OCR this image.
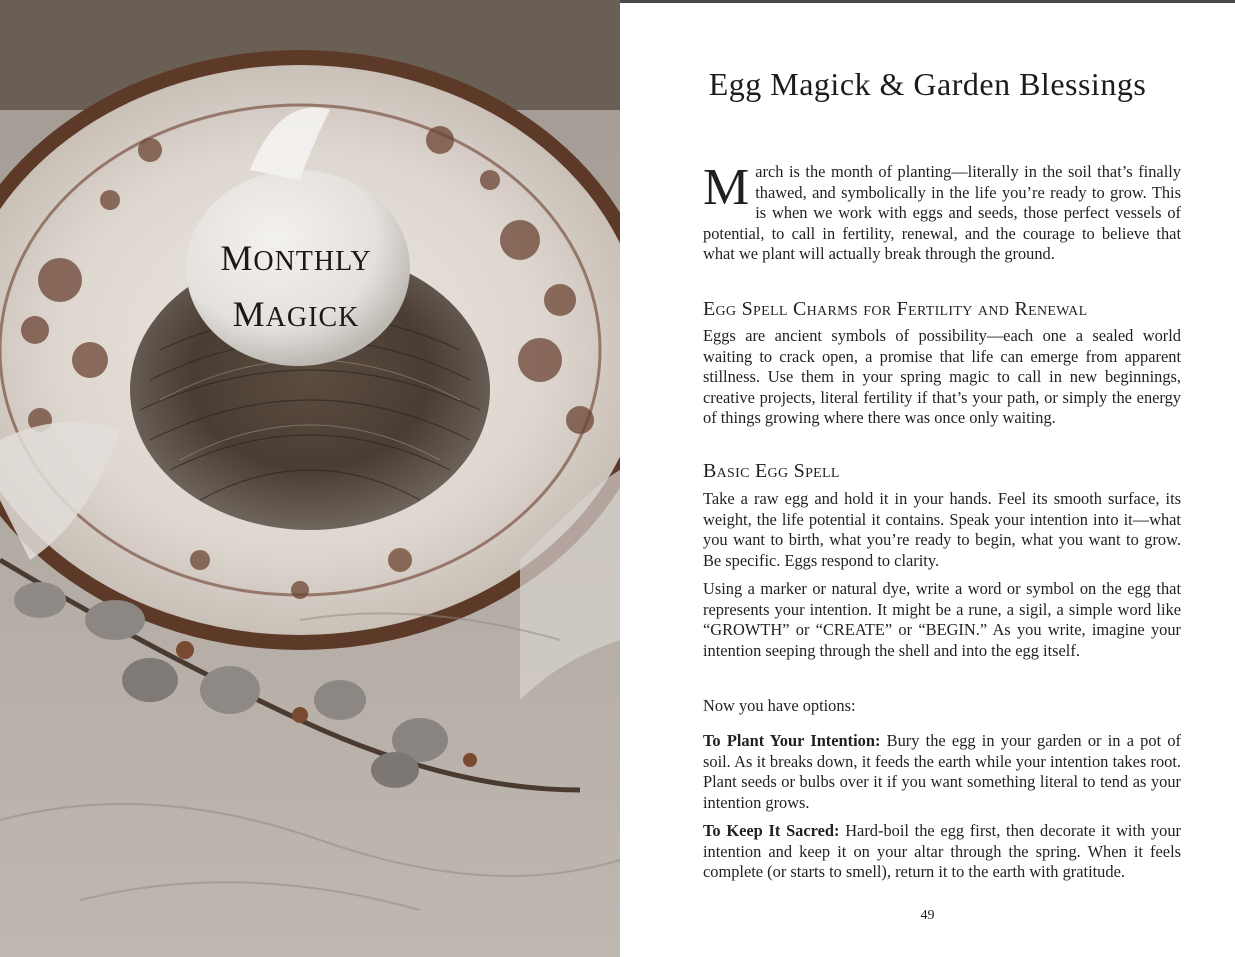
MONTHLY
MAGICK
Egg Magick & Garden Blessings

March is the month of planting—literally in the soil that’s finally thawed, and symbolically in the life you’re ready to grow. This is when we work with eggs and seeds, those perfect vessels of potential, to call in fertility, renewal, and the courage to believe that what we plant will actually break through the ground.

Egg Spell Charms for Fertility and Renewal

Eggs are ancient symbols of possibility—each one a sealed world waiting to crack open, a promise that life can emerge from apparent stillness. Use them in your spring magic to call in new beginnings, creative projects, literal fertility if that’s your path, or simply the energy of things growing where there was once only waiting.

Basic Egg Spell

Take a raw egg and hold it in your hands. Feel its smooth surface, its weight, the life potential it contains. Speak your intention into it—what you want to birth, what you’re ready to begin, what you want to grow. Be specific. Eggs respond to clarity.

Using a marker or natural dye, write a word or symbol on the egg that represents your intention. It might be a rune, a sigil, a simple word like “GROWTH” or “CREATE” or “BEGIN.” As you write, imagine your intention seeping through the shell and into the egg itself.

Now you have options:

To Plant Your Intention: Bury the egg in your garden or in a pot of soil. As it breaks down, it feeds the earth while your intention takes root. Plant seeds or bulbs over it if you want something literal to tend as your intention grows.

To Keep It Sacred: Hard-boil the egg first, then decorate it with your intention and keep it on your altar through the spring. When it feels complete (or starts to smell), return it to the earth with gratitude.

49
